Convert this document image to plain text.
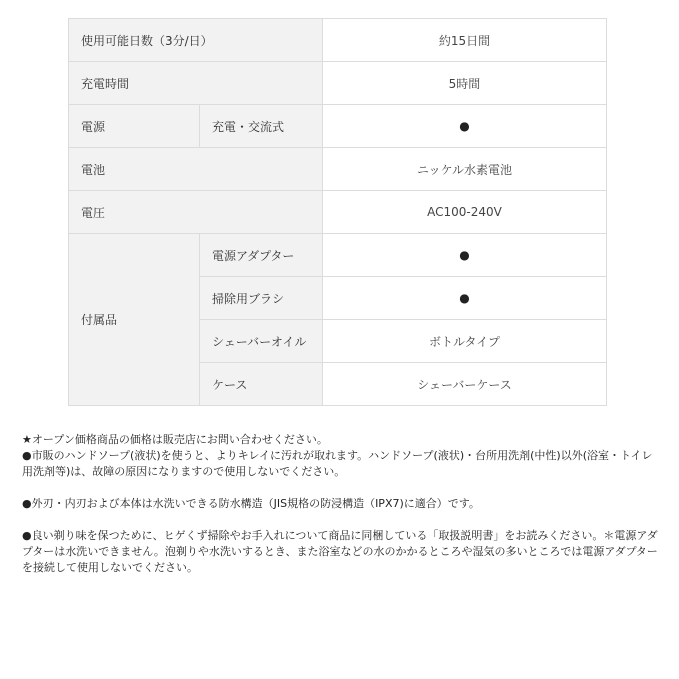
使用可能日数（3分/日）		約15日間
充電時間		5時間
電源	充電・交流式	●
電池		ニッケル水素電池
電圧		AC100-240V
付属品	電源アダプター	●
	掃除用ブラシ	●
	シェーバーオイル	ボトルタイプ
	ケース	シェーバーケース

★オープン価格商品の価格は販売店にお問い合わせください。

●市販のハンドソープ(液状)を使うと、よりキレイに汚れが取れます。ハンドソープ(液状)・台所用洗剤(中性)以外(浴室・トイレ用洗剤等)は、故障の原因になりますので使用しないでください。

●外刃・内刃および本体は水洗いできる防水構造（JIS規格の防浸構造（IPX7)に適合）です。

●良い剃り味を保つために、ヒゲくず掃除やお手入れについて商品に同梱している「取扱説明書」をお読みください。＊電源アダプターは水洗いできません。泡剃りや水洗いするとき、また浴室などの水のかかるところや湿気の多いところでは電源アダプターを接続して使用しないでください。
